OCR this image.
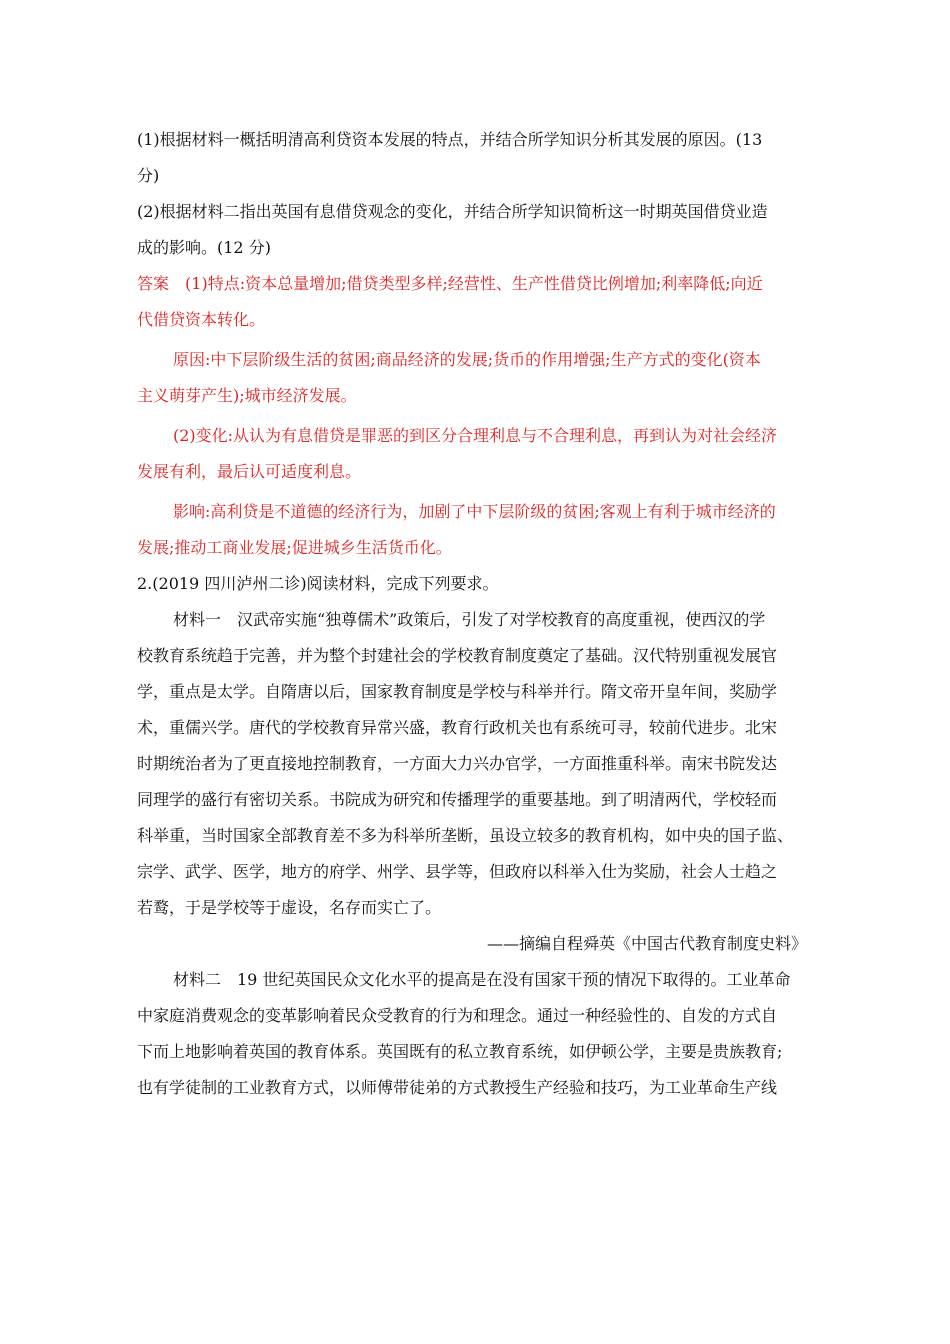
(1)根据材料一概括明清高利贷资本发展的特点，并结合所学知识分析其发展的原因。(13
分)
(2)根据材料二指出英国有息借贷观念的变化，并结合所学知识简析这一时期英国借贷业造
成的影响。(12 分)
答案　 (1)特点:资本总量增加;借贷类型多样;经营性、生产性借贷比例增加;利率降低;向近
代借贷资本转化。
原因:中下层阶级生活的贫困;商品经济的发展;货币的作用增强;生产方式的变化(资本
主义萌芽产生);城市经济发展。
(2)变化:从认为有息借贷是罪恶的到区分合理利息与不合理利息，再到认为对社会经济
发展有利，最后认可适度利息。
影响:高利贷是不道德的经济行为，加剧了中下层阶级的贫困;客观上有利于城市经济的
发展;推动工商业发展;促进城乡生活货币化。
2.(2019 四川泸州二诊)阅读材料，完成下列要求。
材料一　汉武帝实施“独尊儒术”政策后，引发了对学校教育的高度重视，使西汉的学
校教育系统趋于完善，并为整个封建社会的学校教育制度奠定了基础。汉代特别重视发展官
学，重点是太学。自隋唐以后，国家教育制度是学校与科举并行。隋文帝开皇年间，奖励学
术，重儒兴学。唐代的学校教育异常兴盛，教育行政机关也有系统可寻，较前代进步。北宋
时期统治者为了更直接地控制教育，一方面大力兴办官学，一方面推重科举。南宋书院发达
同理学的盛行有密切关系。书院成为研究和传播理学的重要基地。到了明清两代，学校轻而
科举重，当时国家全部教育差不多为科举所垄断，虽设立较多的教育机构，如中央的国子监、
宗学、武学、医学，地方的府学、州学、县学等，但政府以科举入仕为奖励，社会人士趋之
若鹜，于是学校等于虚设，名存而实亡了。
——摘编自程舜英《中国古代教育制度史料》
材料二　19 世纪英国民众文化水平的提高是在没有国家干预的情况下取得的。工业革命
中家庭消费观念的变革影响着民众受教育的行为和理念。通过一种经验性的、自发的方式自
下而上地影响着英国的教育体系。英国既有的私立教育系统，如伊顿公学，主要是贵族教育;
也有学徒制的工业教育方式，以师傅带徒弟的方式教授生产经验和技巧，为工业革命生产线
